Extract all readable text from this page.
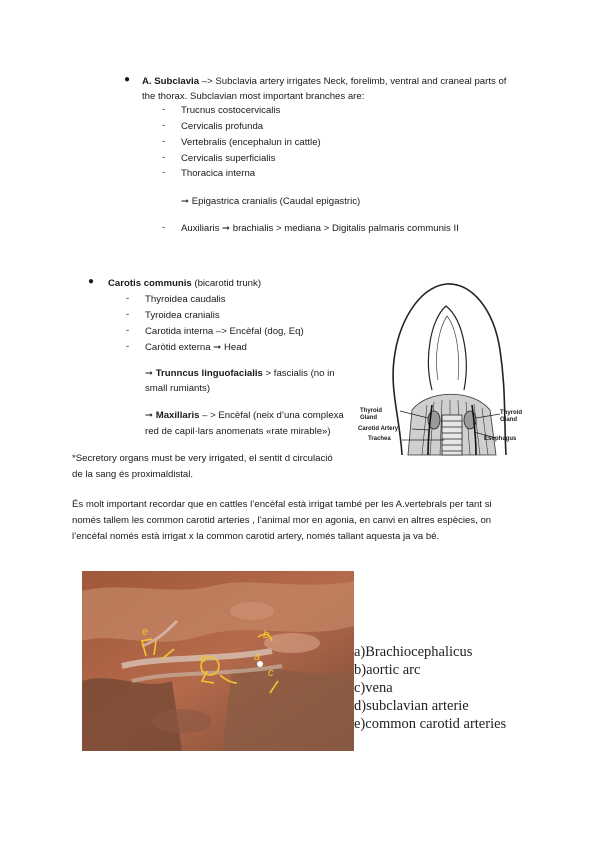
● A. Subclavia –> Subclavia artery irrigates Neck, forelimb, ventral and craneal parts of
the thorax. Subclavian most important branches are:
- Trucnus costocervicalis
- Cervicalis profunda
- Vertebralis (encephalun in cattle)
- Cervicalis superficialis
- Thoracica interna
➞ Epigastrica cranialis (Caudal epigastric)
- Auxiliaris ➞ brachialis > mediana > Digitalis palmaris communis II
● Carotis communis (bicarotid trunk)
- Thyroidea caudalis
- Tyroidea cranialis
- Carotida interna –> Encèfal (dog, Eq)
- Caròtid externa ➞ Head
➞ Trunncus linguofacialis > fascialis (no in
small rumiants)
➞ Maxillaris – > Encèfal (neix d’una complexa
red de capil·lars anomenats «rate mirable»)
*Secretory organs must be very irrigated, el sentit d circulació
de la sang és proximaldistal.
És molt important recordar que en cattles l’encèfal està irrigat també per les A.vertebrals per tant si
només tallem les common carotid arteries , l’animal mor en agonia, en canvi en altres espècies, on
l’encèfal només està irrigat x la common carotid artery, només tallant aquesta ja va bé.
Thyroid
Gland
Carotid Artery
Trachea
Thyroid
Gland
Esophagus
e	b
d	a
c
a)Brachiocephalicus
b)aortic arc
c)vena
d)subclavian arterie
e)common carotid arteries
